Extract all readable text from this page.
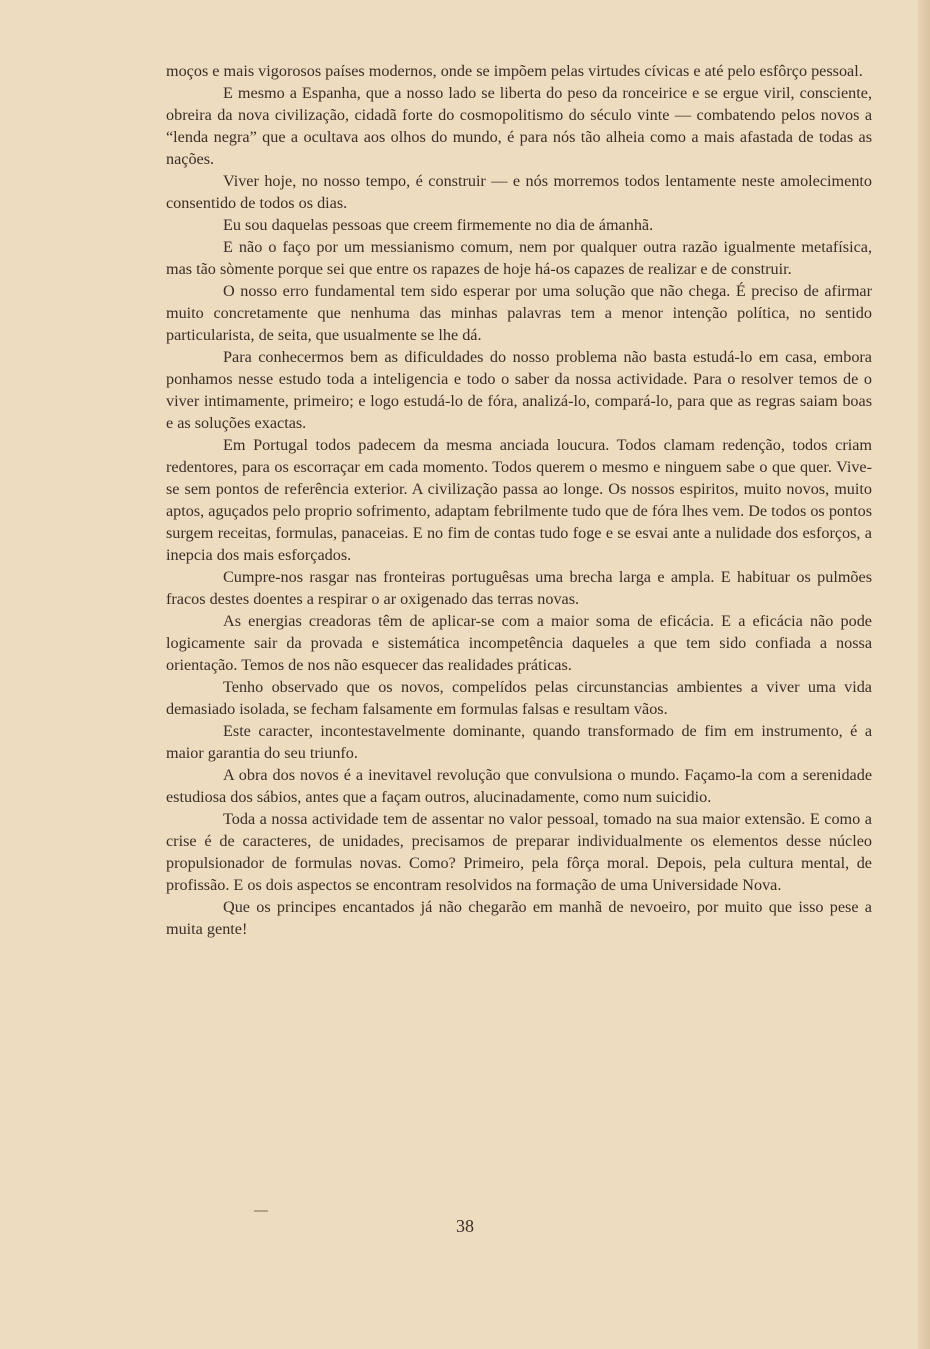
moços e mais vigorosos países modernos, onde se impõem pelas virtudes cívicas e até pelo esfôrço pessoal.

E mesmo a Espanha, que a nosso lado se liberta do peso da ronceirice e se ergue viril, consciente, obreira da nova civilização, cidadã forte do cosmopolitismo do século vinte — combatendo pelos novos a “lenda negra” que a ocultava aos olhos do mundo, é para nós tão alheia como a mais afastada de todas as nações.

Viver hoje, no nosso tempo, é construir — e nós morremos todos lentamente neste amolecimento consentido de todos os dias.

Eu sou daquelas pessoas que creem firmemente no dia de ámanhã.

E não o faço por um messianismo comum, nem por qualquer outra razão igualmente metafísica, mas tão sòmente porque sei que entre os rapazes de hoje há-os capazes de realizar e de construir.

O nosso erro fundamental tem sido esperar por uma solução que não chega. É preciso de afirmar muito concretamente que nenhuma das minhas palavras tem a menor intenção política, no sentido particularista, de seita, que usualmente se lhe dá.

Para conhecermos bem as dificuldades do nosso problema não basta estudá-lo em casa, embora ponhamos nesse estudo toda a inteligencia e todo o saber da nossa actividade. Para o resolver temos de o viver intimamente, primeiro; e logo estudá-lo de fóra, analizá-lo, compará-lo, para que as regras saiam boas e as soluções exactas.

Em Portugal todos padecem da mesma anciada loucura. Todos clamam redenção, todos criam redentores, para os escorraçar em cada momento. Todos querem o mesmo e ninguem sabe o que quer. Vive-se sem pontos de referência exterior. A civilização passa ao longe. Os nossos espiritos, muito novos, muito aptos, aguçados pelo proprio sofrimento, adaptam febrilmente tudo que de fóra lhes vem. De todos os pontos surgem receitas, formulas, panaceias. E no fim de contas tudo foge e se esvai ante a nulidade dos esforços, a inepcia dos mais esforçados.

Cumpre-nos rasgar nas fronteiras portuguêsas uma brecha larga e ampla. E habituar os pulmões fracos destes doentes a respirar o ar oxigenado das terras novas.

As energias creadoras têm de aplicar-se com a maior soma de eficácia. E a eficácia não pode logicamente sair da provada e sistemática incompetência daqueles a que tem sido confiada a nossa orientação. Temos de nos não esquecer das realidades práticas.

Tenho observado que os novos, compelídos pelas circunstancias ambientes a viver uma vida demasiado isolada, se fecham falsamente em formulas falsas e resultam vãos.

Este caracter, incontestavelmente dominante, quando transformado de fim em instrumento, é a maior garantia do seu triunfo.

A obra dos novos é a inevitavel revolução que convulsiona o mundo. Façamo-la com a serenidade estudiosa dos sábios, antes que a façam outros, alucinadamente, como num suicidio.

Toda a nossa actividade tem de assentar no valor pessoal, tomado na sua maior extensão. E como a crise é de caracteres, de unidades, precisamos de preparar individualmente os elementos desse núcleo propulsionador de formulas novas. Como? Primeiro, pela fôrça moral. Depois, pela cultura mental, de profissão. E os dois aspectos se encontram resolvidos na formação de uma Universidade Nova.

Que os principes encantados já não chegarão em manhã de nevoeiro, por muito que isso pese a muita gente!

38
